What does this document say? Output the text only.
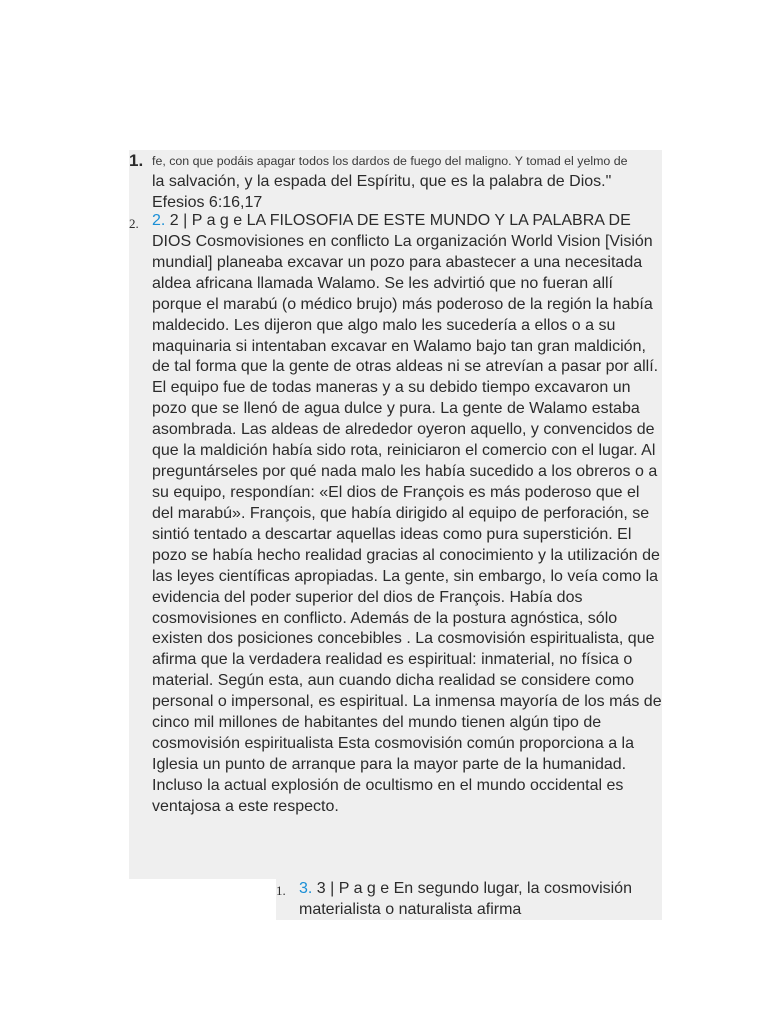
1. fe, con que podáis apagar todos los dardos de fuego del maligno. Y tomad el yelmo de
la salvación, y la espada del Espíritu, que es la palabra de Dios."
Efesios 6:16,17
2. 2. 2 | P a g e LA FILOSOFIA DE ESTE MUNDO Y LA PALABRA DE DIOS Cosmovisiones en conflicto La organización World Vision [Visión mundial] planeaba excavar un pozo para abastecer a una necesitada aldea africana llamada Walamo. Se les advirtió que no fueran allí porque el marabú (o médico brujo) más poderoso de la región la había maldecido. Les dijeron que algo malo les sucedería a ellos o a su maquinaria si intentaban excavar en Walamo bajo tan gran maldición, de tal forma que la gente de otras aldeas ni se atrevían a pasar por allí. El equipo fue de todas maneras y a su debido tiempo excavaron un pozo que se llenó de agua dulce y pura. La gente de Walamo estaba asombrada. Las aldeas de alrededor oyeron aquello, y convencidos de que la maldición había sido rota, reiniciaron el comercio con el lugar. Al preguntárseles por qué nada malo les había sucedido a los obreros o a su equipo, respondían: «El dios de François es más poderoso que el del marabú». François, que había dirigido al equipo de perforación, se sintió tentado a descartar aquellas ideas como pura superstición. El pozo se había hecho realidad gracias al conocimiento y la utilización de las leyes científicas apropiadas. La gente, sin embargo, lo veía como la evidencia del poder superior del dios de François. Había dos cosmovisiones en conflicto. Además de la postura agnóstica, sólo existen dos posiciones concebibles . La cosmovisión espiritualista, que afirma que la verdadera realidad es espiritual: inmaterial, no física o material. Según esta, aun cuando dicha realidad se considere como personal o impersonal, es espiritual. La inmensa mayoría de los más de cinco mil millones de habitantes del mundo tienen algún tipo de cosmovisión espiritualista Esta cosmovisión común proporciona a la Iglesia un punto de arranque para la mayor parte de la humanidad. Incluso la actual explosión de ocultismo en el mundo occidental es ventajosa a este respecto.
1. 3. 3 | P a g e En segundo lugar, la cosmovisión materialista o naturalista afirma
